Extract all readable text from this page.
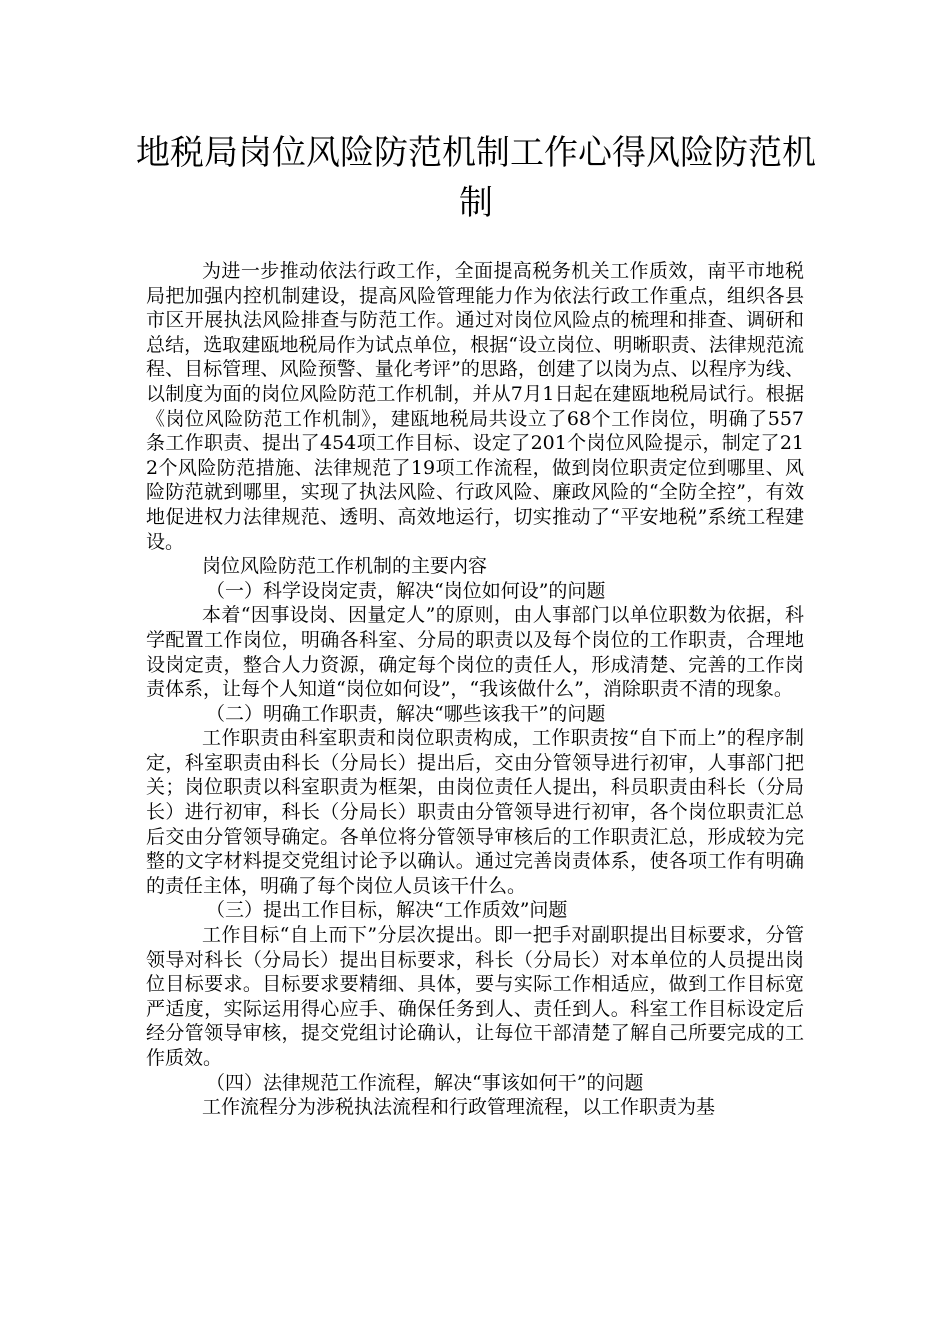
地税局岗位风险防范机制工作心得风险防范机制

为进一步推动依法行政工作，全面提高税务机关工作质效，南平市地税局把加强内控机制建设，提高风险管理能力作为依法行政工作重点，组织各县市区开展执法风险排查与防范工作。通过对岗位风险点的梳理和排查、调研和总结，选取建瓯地税局作为试点单位，根据“设立岗位、明晰职责、法律规范流程、目标管理、风险预警、量化考评”的思路，创建了以岗为点、以程序为线、以制度为面的岗位风险防范工作机制，并从7月1日起在建瓯地税局试行。根据《岗位风险防范工作机制》，建瓯地税局共设立了68个工作岗位，明确了557条工作职责、提出了454项工作目标、设定了201个岗位风险提示，制定了212个风险防范措施、法律规范了19项工作流程，做到岗位职责定位到哪里、风险防范就到哪里，实现了执法风险、行政风险、廉政风险的“全防全控”，有效地促进权力法律规范、透明、高效地运行，切实推动了“平安地税”系统工程建设。

岗位风险防范工作机制的主要内容

（一）科学设岗定责，解决“岗位如何设”的问题

本着“因事设岗、因量定人”的原则，由人事部门以单位职数为依据，科学配置工作岗位，明确各科室、分局的职责以及每个岗位的工作职责，合理地设岗定责，整合人力资源，确定每个岗位的责任人，形成清楚、完善的工作岗责体系，让每个人知道“岗位如何设”，“我该做什么”，消除职责不清的现象。

（二）明确工作职责，解决“哪些该我干”的问题

工作职责由科室职责和岗位职责构成，工作职责按“自下而上”的程序制定，科室职责由科长（分局长）提出后，交由分管领导进行初审，人事部门把关；岗位职责以科室职责为框架，由岗位责任人提出，科员职责由科长（分局长）进行初审，科长（分局长）职责由分管领导进行初审，各个岗位职责汇总后交由分管领导确定。各单位将分管领导审核后的工作职责汇总，形成较为完整的文字材料提交党组讨论予以确认。通过完善岗责体系，使各项工作有明确的责任主体，明确了每个岗位人员该干什么。

（三）提出工作目标，解决“工作质效”问题

工作目标“自上而下”分层次提出。即一把手对副职提出目标要求，分管领导对科长（分局长）提出目标要求，科长（分局长）对本单位的人员提出岗位目标要求。目标要求要精细、具体，要与实际工作相适应，做到工作目标宽严适度，实际运用得心应手、确保任务到人、责任到人。科室工作目标设定后经分管领导审核，提交党组讨论确认，让每位干部清楚了解自己所要完成的工作质效。

（四）法律规范工作流程，解决“事该如何干”的问题

工作流程分为涉税执法流程和行政管理流程，以工作职责为基
